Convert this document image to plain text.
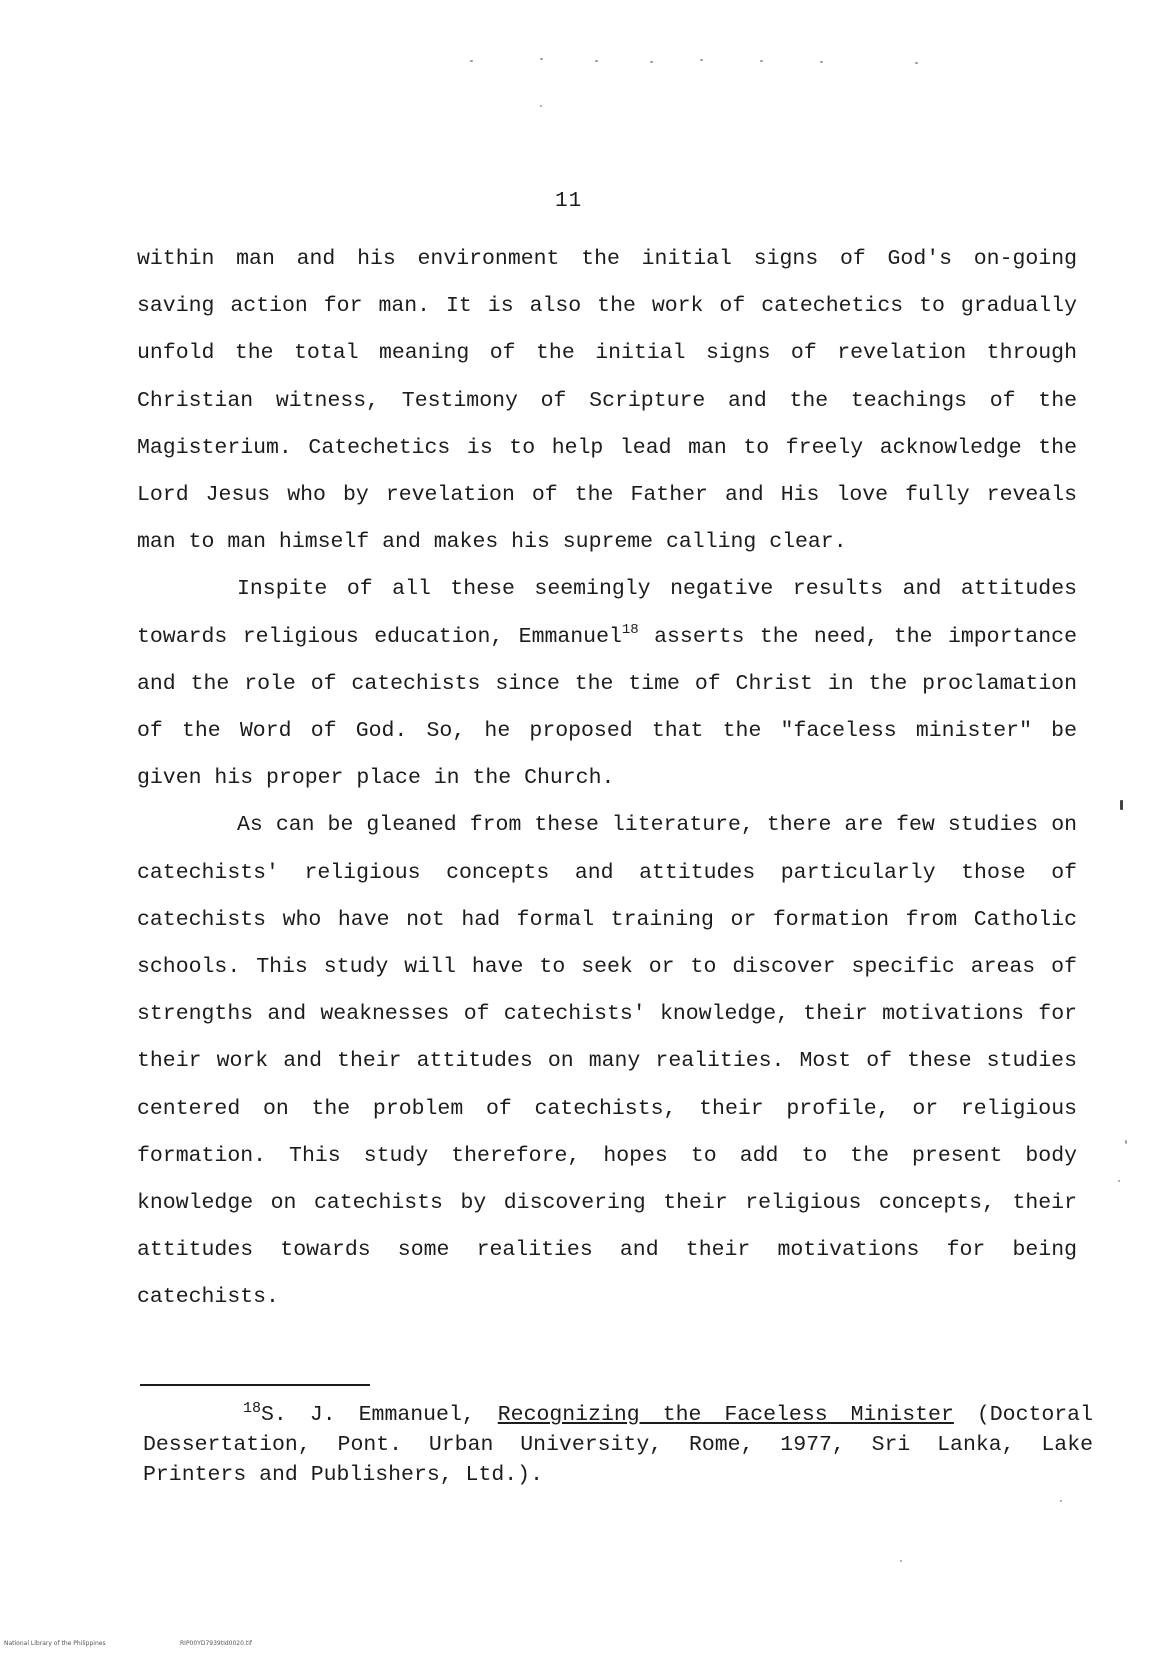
11

within man and his environment the initial signs of God's on-going saving action for man. It is also the work of catechetics to gradually unfold the total meaning of the initial signs of revelation through Christian witness, Testimony of Scripture and the teachings of the Magisterium. Catechetics is to help lead man to freely acknowledge the Lord Jesus who by revelation of the Father and His love fully reveals man to man himself and makes his supreme calling clear.

Inspite of all these seemingly negative results and attitudes towards religious education, Emmanuel$^{18}$ asserts the need, the importance and the role of catechists since the time of Christ in the proclamation of the Word of God. So, he proposed that the "faceless minister" be given his proper place in the Church.

As can be gleaned from these literature, there are few studies on catechists' religious concepts and attitudes particularly those of catechists who have not had formal training or formation from Catholic schools. This study will have to seek or to discover specific areas of strengths and weaknesses of catechists' knowledge, their motivations for their work and their attitudes on many realities. Most of these studies centered on the problem of catechists, their profile, or religious formation. This study therefore, hopes to add to the present body knowledge on catechists by discovering their religious concepts, their attitudes towards some realities and their motivations for being catechists.

$^{18}$S. J. Emmanuel, Recognizing the Faceless Minister (Doctoral Dessertation, Pont. Urban University, Rome, 1977, Sri Lanka, Lake Printers and Publishers, Ltd.).
National Library of the Philippines	RIP00YD7939tId0020.tif
